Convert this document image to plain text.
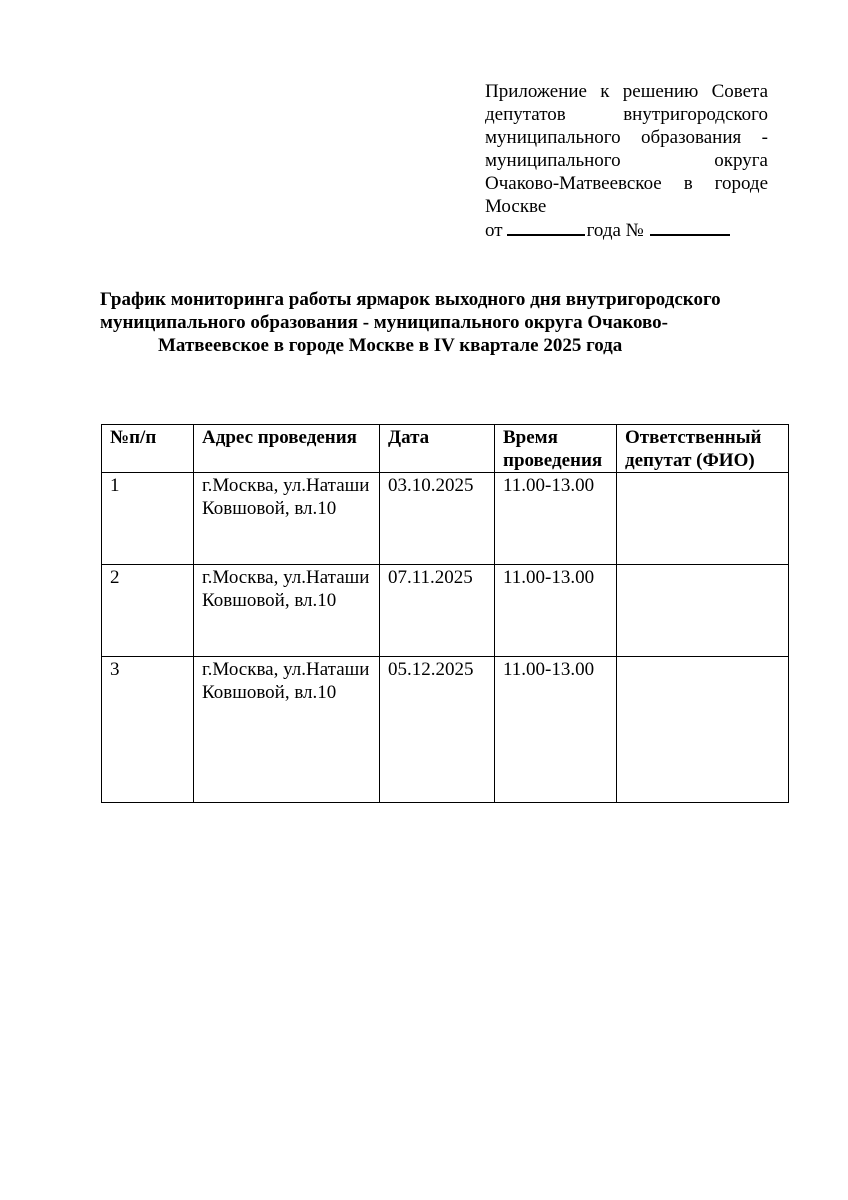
Приложение к решению Совета
депутатов внутригородского
муниципального образования -
муниципального округа
Очаково-Матвеевское в городе
Москве
от	года №
График мониторинга работы ярмарок выходного дня внутригородского
муниципального образования - муниципального округа Очаково-
Матвеевское в городе Москве в IV квартале 2025 года
№п/п	Адрес проведения	Дата	Время проведения	Ответственный депутат (ФИО)
1	г.Москва, ул.Наташи Ковшовой, вл.10	03.10.2025	11.00-13.00	
2	г.Москва, ул.Наташи Ковшовой, вл.10	07.11.2025	11.00-13.00	
3	г.Москва, ул.Наташи Ковшовой, вл.10	05.12.2025	11.00-13.00	
